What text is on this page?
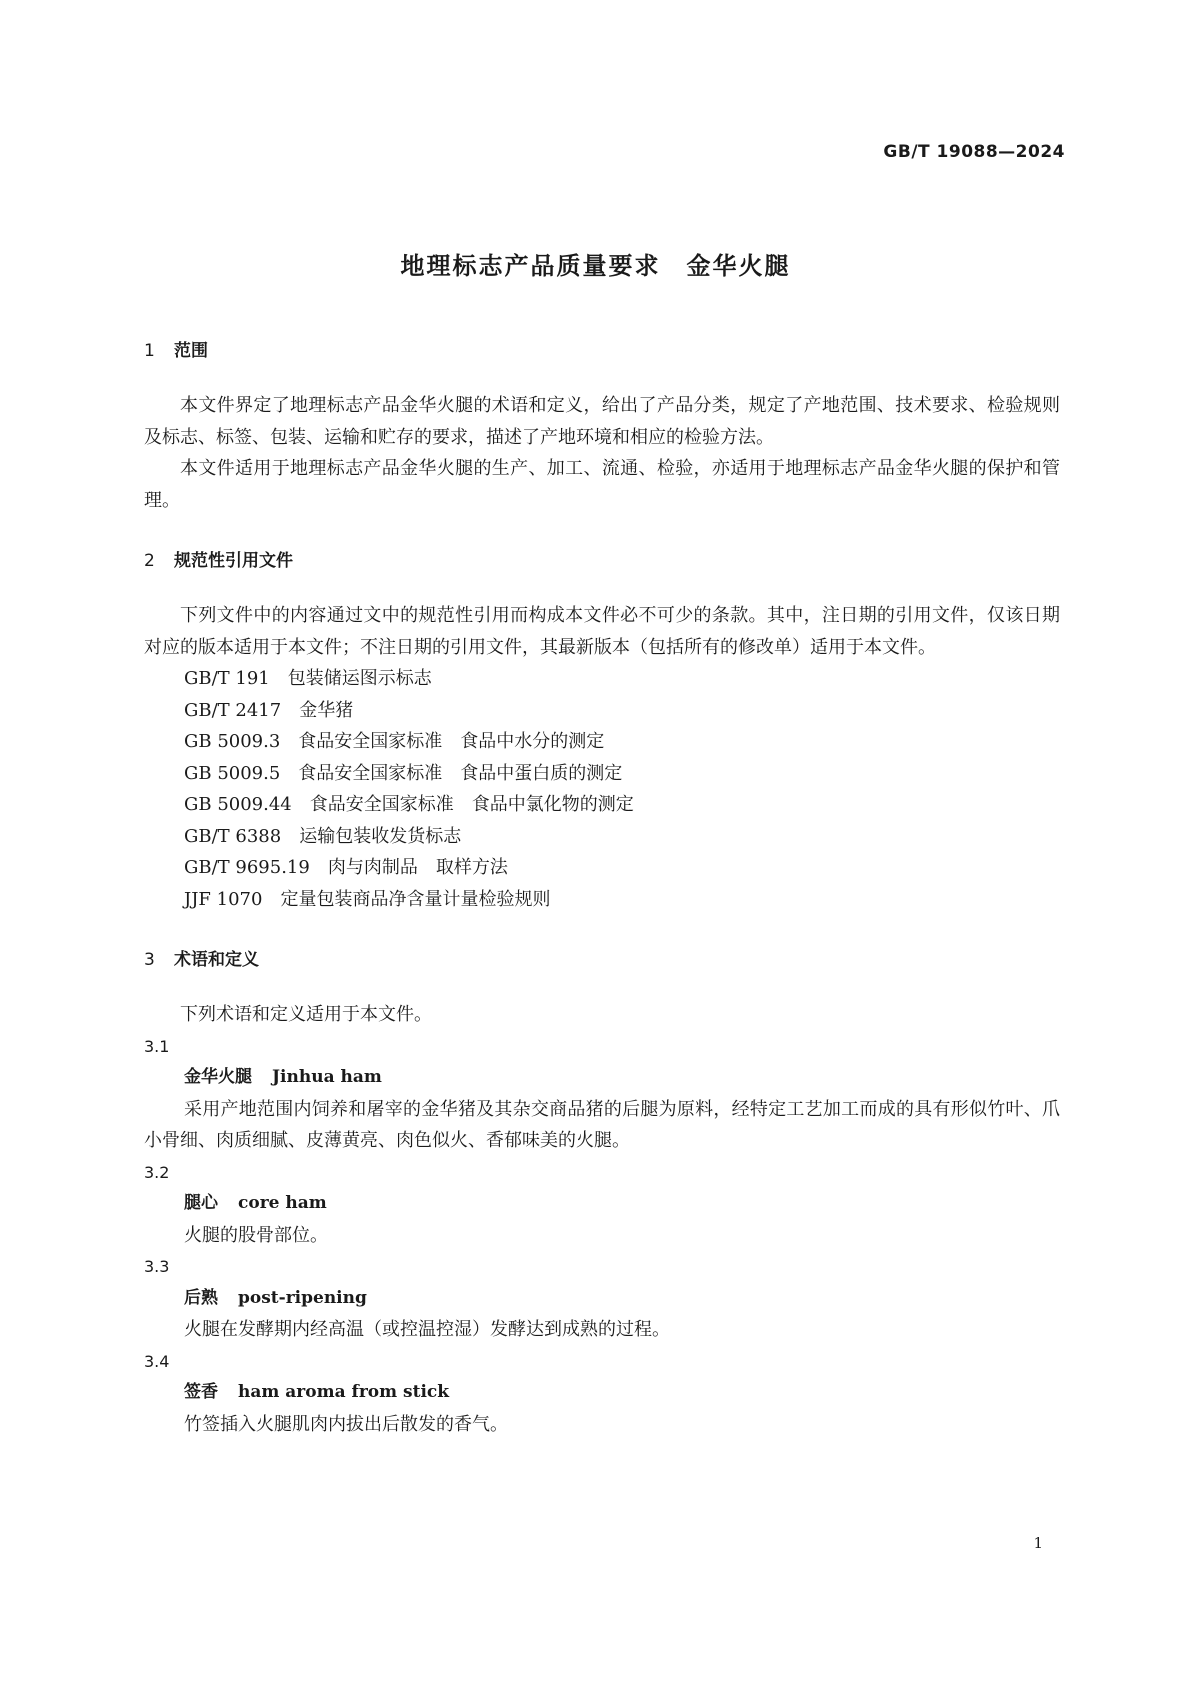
GB/T 19088—2024
地理标志产品质量要求　金华火腿

1 范围

本文件界定了地理标志产品金华火腿的术语和定义，给出了产品分类，规定了产地范围、技术要求、检验规则及标志、标签、包装、运输和贮存的要求，描述了产地环境和相应的检验方法。

本文件适用于地理标志产品金华火腿的生产、加工、流通、检验，亦适用于地理标志产品金华火腿的保护和管理。

2 规范性引用文件

下列文件中的内容通过文中的规范性引用而构成本文件必不可少的条款。其中，注日期的引用文件，仅该日期对应的版本适用于本文件；不注日期的引用文件，其最新版本（包括所有的修改单）适用于本文件。

GB/T 191　包装储运图示标志

GB/T 2417　金华猪

GB 5009.3　食品安全国家标准　食品中水分的测定

GB 5009.5　食品安全国家标准　食品中蛋白质的测定

GB 5009.44　食品安全国家标准　食品中氯化物的测定

GB/T 6388　运输包装收发货标志

GB/T 9695.19　肉与肉制品　取样方法

JJF 1070　定量包装商品净含量计量检验规则

3 术语和定义

下列术语和定义适用于本文件。

3.1

金华火腿 Jinhua ham

采用产地范围内饲养和屠宰的金华猪及其杂交商品猪的后腿为原料，经特定工艺加工而成的具有形似竹叶、爪小骨细、肉质细腻、皮薄黄亮、肉色似火、香郁味美的火腿。

3.2

腿心 core ham

火腿的股骨部位。

3.3

后熟 post-ripening

火腿在发酵期内经高温（或控温控湿）发酵达到成熟的过程。

3.4

签香 ham aroma from stick

竹签插入火腿肌肉内拔出后散发的香气。

1
